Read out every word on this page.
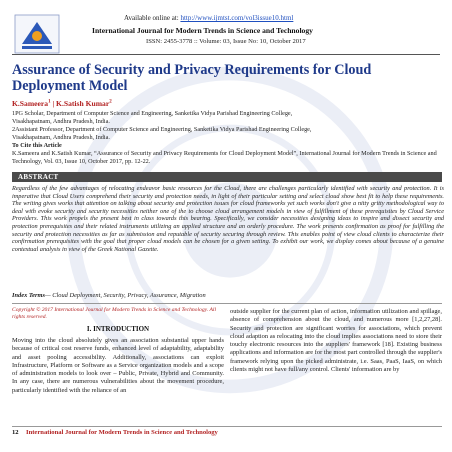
Available online at: http://www.ijmtst.com/vol3issue10.html
International Journal for Modern Trends in Science and Technology
ISSN: 2455-3778 :: Volume: 03, Issue No: 10, October 2017
Assurance of Security and Privacy Requirements for Cloud Deployment Model
K.Sameera$^1$ | K.Satish Kumar$^2$
1PG Scholar, Department of Computer Science and Engineering, Sanketika Vidya Parishad Engineering College,
Visakhapatnam, Andhra Pradesh, India.
2Assistant Professor, Department of Computer Science and Engineering, Sanketika Vidya Parishad Engineering College,
Visakhapatnam, Andhra Pradesh, India.
To Cite this Article
K.Sameera and K.Satish Kumar, “Assurance of Security and Privacy Requirements for Cloud Deployment Model”, International Journal for Modern Trends in Science and Technology, Vol. 03, Issue 10, October 2017, pp. 12-22.
ABSTRACT
Regardless of the few advantages of relocating endeavor basic resources for the Cloud, there are challenges particularly identified with security and protection. It is imperative that Cloud Users comprehend their security and protection needs, in light of their particular setting and select cloud show best fit to help these requirements. The writing gives works that attention on talking about security and protection issues for cloud frameworks yet such works don't give a nitty gritty methodological way to deal with evoke security and security necessities neither one of the to choose cloud arrangement models in view of fulfillment of these prerequisites by Cloud Service Providers. This work propels the present best in class towards this bearing. Specifically, we consider necessities designing ideas to inspire and dissect security and protection prerequisites and their related instruments utilizing an applied structure and an orderly procedure. The work presents confirmation as proof for fulfilling the security and protection necessities as far as submission and reputable of security securing through review. This enables point of view cloud clients to characterize their confirmation prerequisites with the goal that proper cloud models can be chosen for a given setting. To exhibit our work, we display comes about because of a genuine contextual analysis in view of the Greek National Gazette.
Index Terms— Cloud Deployment, Security, Privacy, Assurance, Migration
Copyright © 2017 International Journal for Modern Trends in Science and Technology. All rights reserved.
I. INTRODUCTION
Moving into the cloud absolutely gives an association substantial upper hands because of critical cost reserve funds, enhanced level of adaptability, adaptability and asset pooling accessibility. Additionally, associations can exploit Infrastructure, Platform or Software as a Service organization models and a scope of administration models to look over – Public, Private, Hybrid and Community. In any case, there are numerous vulnerabilities about the movement procedure, particularly identified with the reliance of an
outside supplier for the current plan of action, information utilization and spillage, absence of comprehension about the cloud, and numerous more [1,2,27,28]. Security and protection are significant worries for associations, which prevent cloud adaption as relocating into the cloud implies associations need to store their touchy electronic resources into the suppliers' framework [18]. Existing business applications and information are for the most part controlled through the supplier's framework relying upon the picked administrate, i.e. Saas, PaaS, IaaS, on which clients might not have full/any control. Clients' information are by
12 International Journal for Modern Trends in Science and Technology
